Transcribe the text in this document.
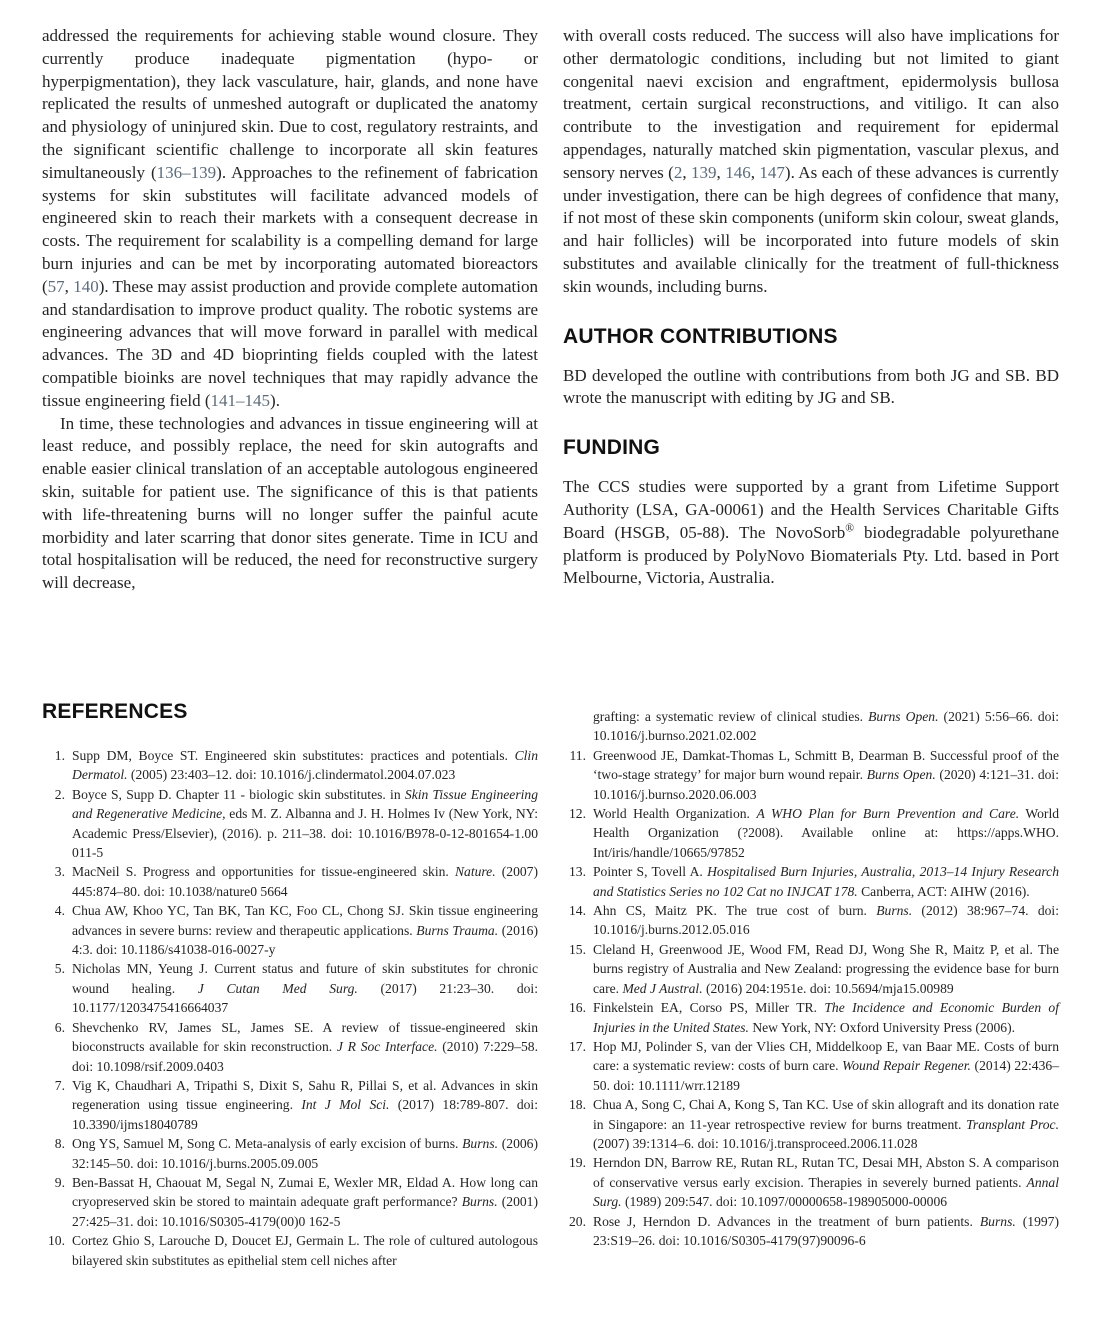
addressed the requirements for achieving stable wound closure. They currently produce inadequate pigmentation (hypo- or hyperpigmentation), they lack vasculature, hair, glands, and none have replicated the results of unmeshed autograft or duplicated the anatomy and physiology of uninjured skin. Due to cost, regulatory restraints, and the significant scientific challenge to incorporate all skin features simultaneously (136–139). Approaches to the refinement of fabrication systems for skin substitutes will facilitate advanced models of engineered skin to reach their markets with a consequent decrease in costs. The requirement for scalability is a compelling demand for large burn injuries and can be met by incorporating automated bioreactors (57, 140). These may assist production and provide complete automation and standardisation to improve product quality. The robotic systems are engineering advances that will move forward in parallel with medical advances. The 3D and 4D bioprinting fields coupled with the latest compatible bioinks are novel techniques that may rapidly advance the tissue engineering field (141–145).

In time, these technologies and advances in tissue engineering will at least reduce, and possibly replace, the need for skin autografts and enable easier clinical translation of an acceptable autologous engineered skin, suitable for patient use. The significance of this is that patients with life-threatening burns will no longer suffer the painful acute morbidity and later scarring that donor sites generate. Time in ICU and total hospitalisation will be reduced, the need for reconstructive surgery will decrease,

with overall costs reduced. The success will also have implications for other dermatologic conditions, including but not limited to giant congenital naevi excision and engraftment, epidermolysis bullosa treatment, certain surgical reconstructions, and vitiligo. It can also contribute to the investigation and requirement for epidermal appendages, naturally matched skin pigmentation, vascular plexus, and sensory nerves (2, 139, 146, 147). As each of these advances is currently under investigation, there can be high degrees of confidence that many, if not most of these skin components (uniform skin colour, sweat glands, and hair follicles) will be incorporated into future models of skin substitutes and available clinically for the treatment of full-thickness skin wounds, including burns.

AUTHOR CONTRIBUTIONS

BD developed the outline with contributions from both JG and SB. BD wrote the manuscript with editing by JG and SB.

FUNDING

The CCS studies were supported by a grant from Lifetime Support Authority (LSA, GA-00061) and the Health Services Charitable Gifts Board (HSGB, 05-88). The NovoSorb® biodegradable polyurethane platform is produced by PolyNovo Biomaterials Pty. Ltd. based in Port Melbourne, Victoria, Australia.

REFERENCES
1. Supp DM, Boyce ST. Engineered skin substitutes: practices and potentials. Clin Dermatol. (2005) 23:403–12. doi: 10.1016/j.clindermatol.2004.07.023
2. Boyce S, Supp D. Chapter 11 - biologic skin substitutes. in Skin Tissue Engineering and Regenerative Medicine, eds M. Z. Albanna and J. H. Holmes Iv (New York, NY: Academic Press/Elsevier), (2016). p. 211–38. doi: 10.1016/B978-0-12-801654-1.00 011-5
3. MacNeil S. Progress and opportunities for tissue-engineered skin. Nature. (2007) 445:874–80. doi: 10.1038/nature0 5664
4. Chua AW, Khoo YC, Tan BK, Tan KC, Foo CL, Chong SJ. Skin tissue engineering advances in severe burns: review and therapeutic applications. Burns Trauma. (2016) 4:3. doi: 10.1186/s41038-016-0027-y
5. Nicholas MN, Yeung J. Current status and future of skin substitutes for chronic wound healing. J Cutan Med Surg. (2017) 21:23–30. doi: 10.1177/1203475416664037
6. Shevchenko RV, James SL, James SE. A review of tissue-engineered skin bioconstructs available for skin reconstruction. J R Soc Interface. (2010) 7:229–58. doi: 10.1098/rsif.2009.0403
7. Vig K, Chaudhari A, Tripathi S, Dixit S, Sahu R, Pillai S, et al. Advances in skin regeneration using tissue engineering. Int J Mol Sci. (2017) 18:789-807. doi: 10.3390/ijms18040789
8. Ong YS, Samuel M, Song C. Meta-analysis of early excision of burns. Burns. (2006) 32:145–50. doi: 10.1016/j.burns.2005.09.005
9. Ben-Bassat H, Chaouat M, Segal N, Zumai E, Wexler MR, Eldad A. How long can cryopreserved skin be stored to maintain adequate graft performance? Burns. (2001) 27:425–31. doi: 10.1016/S0305-4179(00)0 162-5
10. Cortez Ghio S, Larouche D, Doucet EJ, Germain L. The role of cultured autologous bilayered skin substitutes as epithelial stem cell niches after
grafting: a systematic review of clinical studies. Burns Open. (2021) 5:56–66. doi: 10.1016/j.burnso.2021.02.002
11. Greenwood JE, Damkat-Thomas L, Schmitt B, Dearman B. Successful proof of the ‘two-stage strategy’ for major burn wound repair. Burns Open. (2020) 4:121–31. doi: 10.1016/j.burnso.2020.06.003
12. World Health Organization. A WHO Plan for Burn Prevention and Care. World Health Organization (?2008). Available online at: https://apps.WHO. Int/iris/handle/10665/97852
13. Pointer S, Tovell A. Hospitalised Burn Injuries, Australia, 2013–14 Injury Research and Statistics Series no 102 Cat no INJCAT 178. Canberra, ACT: AIHW (2016).
14. Ahn CS, Maitz PK. The true cost of burn. Burns. (2012) 38:967–74. doi: 10.1016/j.burns.2012.05.016
15. Cleland H, Greenwood JE, Wood FM, Read DJ, Wong She R, Maitz P, et al. The burns registry of Australia and New Zealand: progressing the evidence base for burn care. Med J Austral. (2016) 204:1951e. doi: 10.5694/mja15.00989
16. Finkelstein EA, Corso PS, Miller TR. The Incidence and Economic Burden of Injuries in the United States. New York, NY: Oxford University Press (2006).
17. Hop MJ, Polinder S, van der Vlies CH, Middelkoop E, van Baar ME. Costs of burn care: a systematic review: costs of burn care. Wound Repair Regener. (2014) 22:436–50. doi: 10.1111/wrr.12189
18. Chua A, Song C, Chai A, Kong S, Tan KC. Use of skin allograft and its donation rate in Singapore: an 11-year retrospective review for burns treatment. Transplant Proc. (2007) 39:1314–6. doi: 10.1016/j.transproceed.2006.11.028
19. Herndon DN, Barrow RE, Rutan RL, Rutan TC, Desai MH, Abston S. A comparison of conservative versus early excision. Therapies in severely burned patients. Annal Surg. (1989) 209:547. doi: 10.1097/00000658-198905000-00006
20. Rose J, Herndon D. Advances in the treatment of burn patients. Burns. (1997) 23:S19–26. doi: 10.1016/S0305-4179(97)90096-6
